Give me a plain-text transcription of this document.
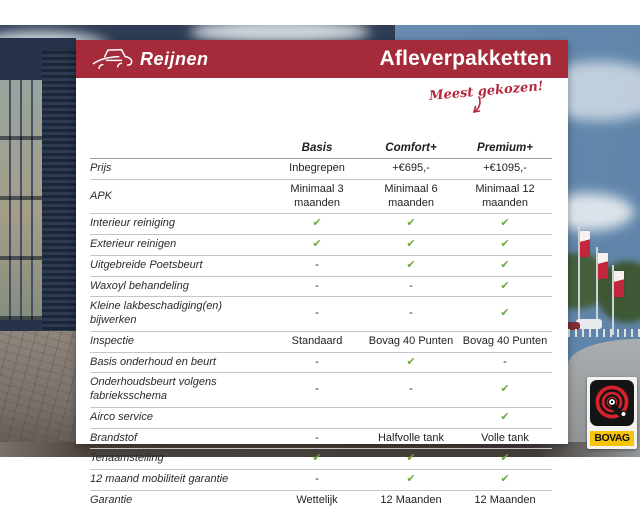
Reijnen	Afleverpakketten
Meest gekozen!
	Basis	Comfort+	Premium+
Prijs	Inbegrepen	+€695,-	+€1095,-
APK	Minimaal 3 maanden	Minimaal 6 maanden	Minimaal 12 maanden
Interieur reiniging	✔	✔	✔
Exterieur reinigen	✔	✔	✔
Uitgebreide Poetsbeurt	-	✔	✔
Waxoyl behandeling	-	-	✔
Kleine lakbeschadiging(en) bijwerken	-	-	✔
Inspectie	Standaard	Bovag 40 Punten	Bovag 40 Punten
Basis onderhoud en beurt	-	✔	-
Onderhoudsbeurt volgens fabrieksschema	-	-	✔
Airco service			✔
Brandstof	-	Halfvolle tank	Volle tank
Tenaamstelling	✔	✔	✔
12 maand mobiliteit garantie	-	✔	✔
Garantie	Wettelijk	12 Maanden	12 Maanden
BOVAG
